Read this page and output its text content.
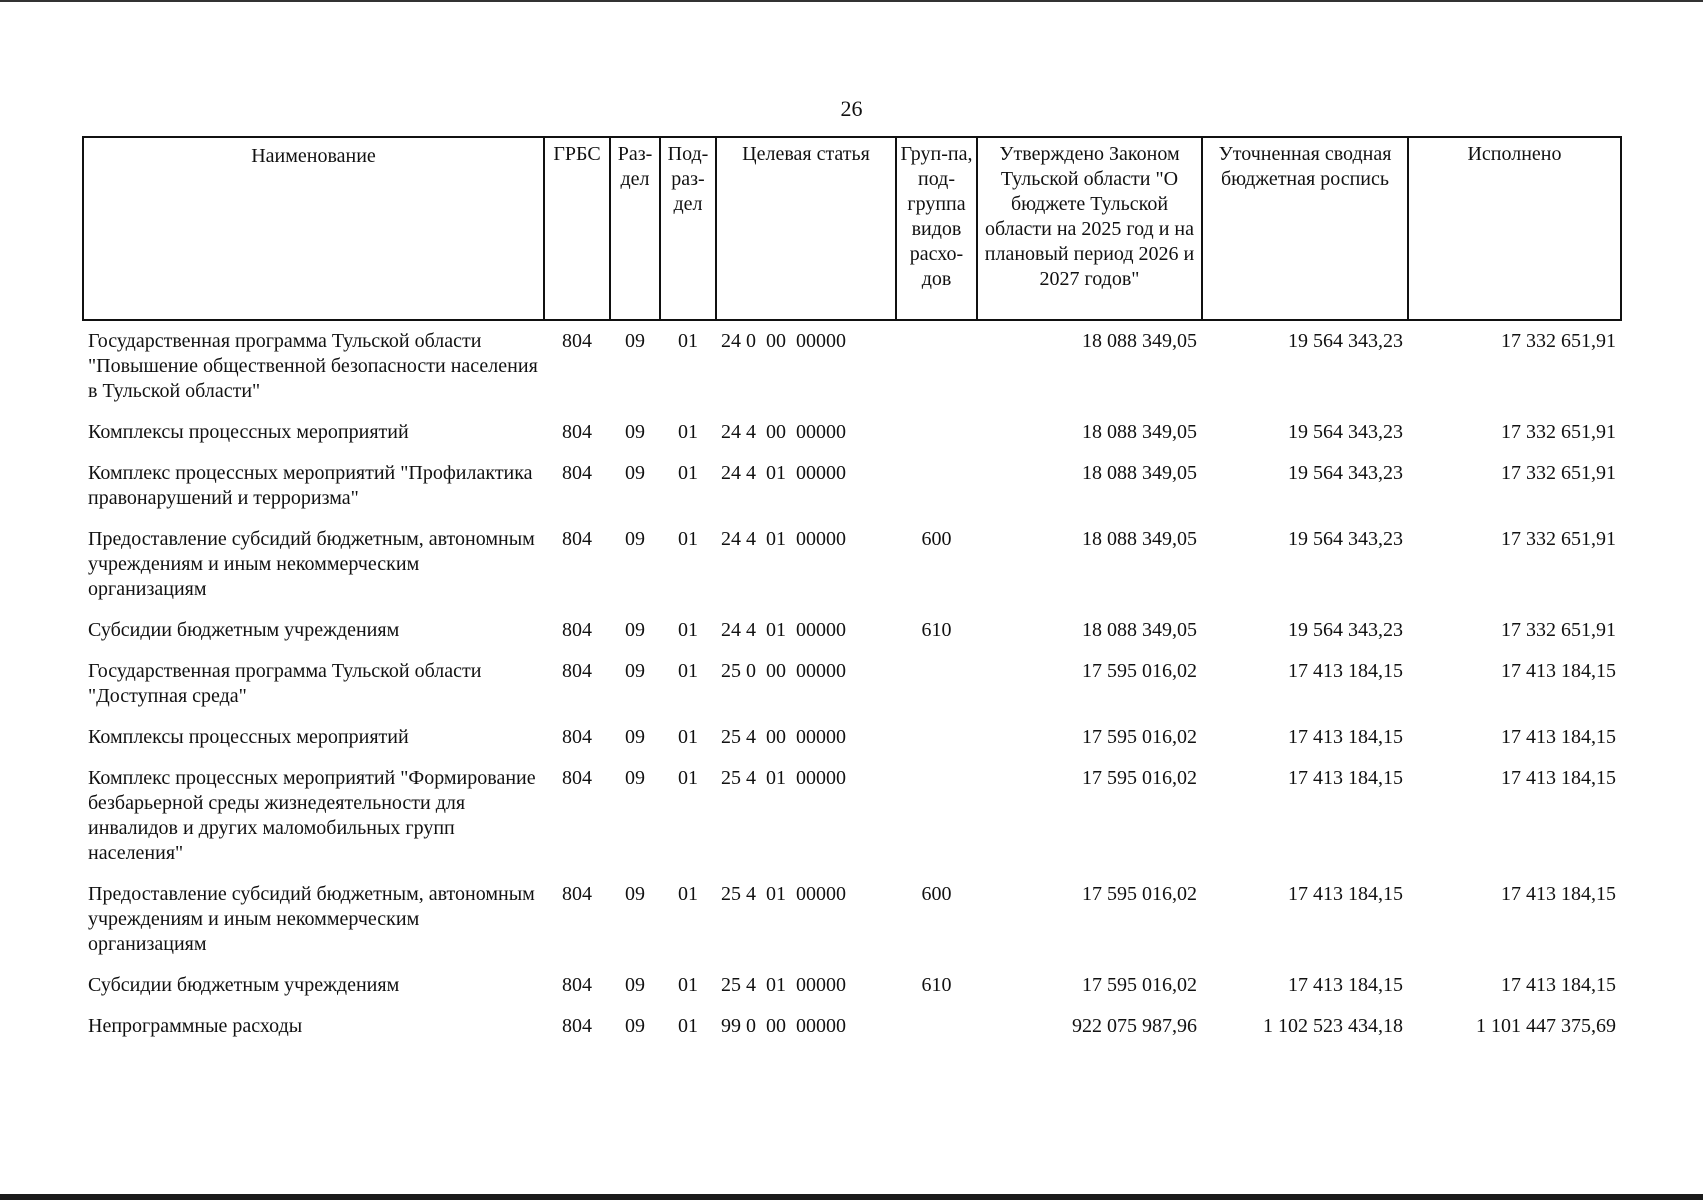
26
Наименование	ГРБС	Раз-дел	Под-раз-дел	Целевая статья	Груп-па, под-группа видов расхо-дов	Утверждено Законом Тульской области "О бюджете Тульской области на 2025 год и на плановый период 2026 и 2027 годов"	Уточненная сводная бюджетная роспись	Исполнено
Государственная программа Тульской области "Повышение общественной безопасности населения в Тульской области"	804	09	01	24 0  00  00000		18 088 349,05	19 564 343,23	17 332 651,91
Комплексы процессных мероприятий	804	09	01	24 4  00  00000		18 088 349,05	19 564 343,23	17 332 651,91
Комплекс процессных мероприятий "Профилактика правонарушений и терроризма"	804	09	01	24 4  01  00000		18 088 349,05	19 564 343,23	17 332 651,91
Предоставление субсидий бюджетным, автономным учреждениям и иным некоммерческим организациям	804	09	01	24 4  01  00000	600	18 088 349,05	19 564 343,23	17 332 651,91
Субсидии бюджетным учреждениям	804	09	01	24 4  01  00000	610	18 088 349,05	19 564 343,23	17 332 651,91
Государственная программа Тульской области "Доступная среда"	804	09	01	25 0  00  00000		17 595 016,02	17 413 184,15	17 413 184,15
Комплексы процессных мероприятий	804	09	01	25 4  00  00000		17 595 016,02	17 413 184,15	17 413 184,15
Комплекс процессных мероприятий "Формирование безбарьерной среды жизнедеятельности для инвалидов и других маломобильных групп населения"	804	09	01	25 4  01  00000		17 595 016,02	17 413 184,15	17 413 184,15
Предоставление субсидий бюджетным, автономным учреждениям и иным некоммерческим организациям	804	09	01	25 4  01  00000	600	17 595 016,02	17 413 184,15	17 413 184,15
Субсидии бюджетным учреждениям	804	09	01	25 4  01  00000	610	17 595 016,02	17 413 184,15	17 413 184,15
Непрограммные расходы	804	09	01	99 0  00  00000		922 075 987,96	1 102 523 434,18	1 101 447 375,69
